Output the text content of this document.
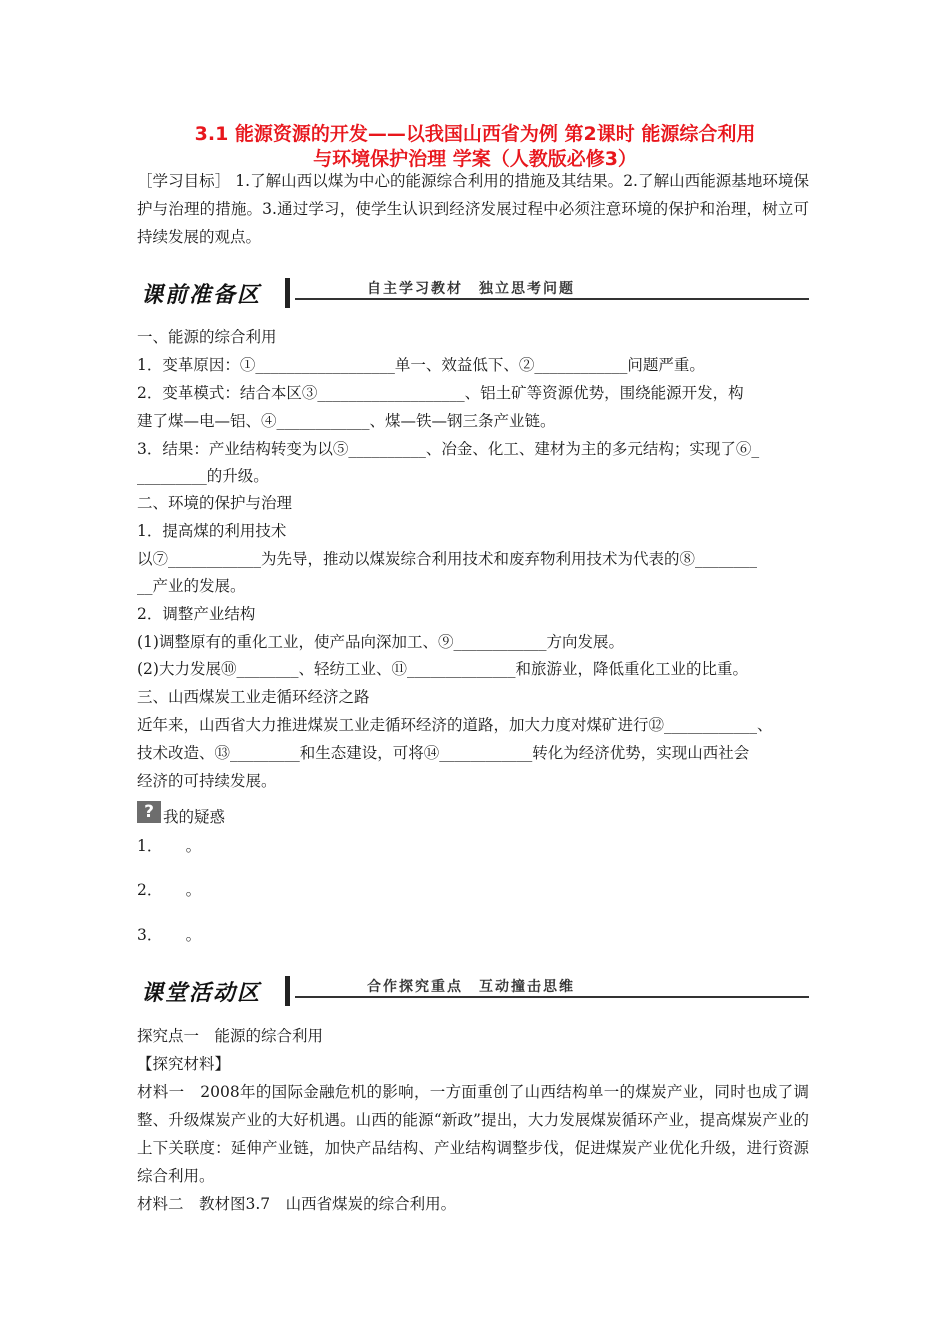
3.1 能源资源的开发——以我国山西省为例 第2课时 能源综合利用
与环境保护治理 学案（人教版必修3）
［学习目标］ 1.了解山西以煤为中心的能源综合利用的措施及其结果。2.了解山西能源基地环境保护与治理的措施。3.通过学习，使学生认识到经济发展过程中必须注意环境的保护和治理，树立可持续发展的观点。
课前准备区	自主学习教材　独立思考问题
一、能源的综合利用
1．变革原因：①__________________单一、效益低下、②____________问题严重。
2．变革模式：结合本区③___________________、铝土矿等资源优势，围绕能源开发，构
建了煤—电—铝、④____________、煤—铁—钢三条产业链。
3．结果：产业结构转变为以⑤__________、冶金、化工、建材为主的多元结构；实现了⑥_
_________的升级。
二、环境的保护与治理
1．提高煤的利用技术
以⑦____________为先导，推动以煤炭综合利用技术和废弃物利用技术为代表的⑧________
__产业的发展。
2．调整产业结构
(1)调整原有的重化工业，使产品向深加工、⑨____________方向发展。
(2)大力发展⑩________、轻纺工业、⑪______________和旅游业，降低重化工业的比重。
三、山西煤炭工业走循环经济之路
近年来，山西省大力推进煤炭工业走循环经济的道路，加大力度对煤矿进行⑫____________、
技术改造、⑬_________和生态建设，可将⑭____________转化为经济优势，实现山西社会
经济的可持续发展。
? 我的疑惑
1．　　。
2．　　。
3．　　。
课堂活动区	合作探究重点　互动撞击思维
探究点一　能源的综合利用
【探究材料】
材料一　2008年的国际金融危机的影响，一方面重创了山西结构单一的煤炭产业，同时也成了调整、升级煤炭产业的大好机遇。山西的能源“新政”提出，大力发展煤炭循环产业，提高煤炭产业的上下关联度：延伸产业链，加快产品结构、产业结构调整步伐，促进煤炭产业优化升级，进行资源综合利用。
材料二　教材图3.7　山西省煤炭的综合利用。
